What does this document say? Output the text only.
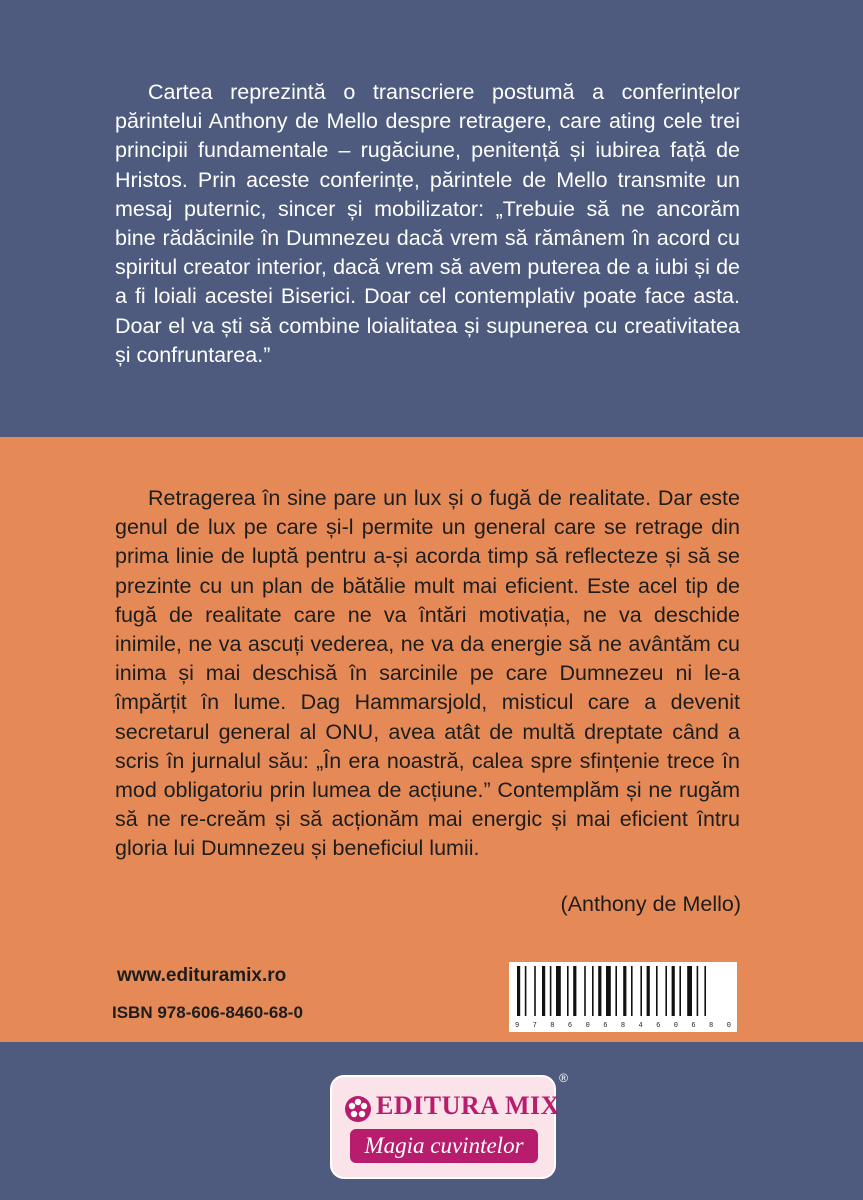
Cartea reprezintă o transcriere postumă a conferințelor părintelui Anthony de Mello despre retragere, care ating cele trei principii fundamentale – rugăciune, penitență și iubirea față de Hristos. Prin aceste conferințe, părintele de Mello transmite un mesaj puternic, sincer și mobilizator: „Trebuie să ne ancorăm bine rădăcinile în Dumnezeu dacă vrem să rămânem în acord cu spiritul creator interior, dacă vrem să avem puterea de a iubi și de a fi loiali acestei Biserici. Doar cel contemplativ poate face asta. Doar el va ști să combine loialitatea și supunerea cu creativitatea și confruntarea.”

Retragerea în sine pare un lux și o fugă de realitate. Dar este genul de lux pe care și-l permite un general care se retrage din prima linie de luptă pentru a-și acorda timp să reflecteze și să se prezinte cu un plan de bătălie mult mai eficient. Este acel tip de fugă de realitate care ne va întări motivația, ne va deschide inimile, ne va ascuți vederea, ne va da energie să ne avântăm cu inima și mai deschisă în sarcinile pe care Dumnezeu ni le-a împărțit în lume. Dag Hammarsjold, misticul care a devenit secretarul general al ONU, avea atât de multă dreptate când a scris în jurnalul său: „În era noastră, calea spre sfințenie trece în mod obligatoriu prin lumea de acțiune.” Contemplăm și ne rugăm să ne re-creăm și să acționăm mai energic și mai eficient întru gloria lui Dumnezeu și beneficiul lumii.

(Anthony de Mello)

www.edituramix.ro
ISBN 978-606-8460-68-0
9 7 8 6 0 6 8 4 6 0 6 8 0
EDITURA MIX
Magia cuvintelor
®
